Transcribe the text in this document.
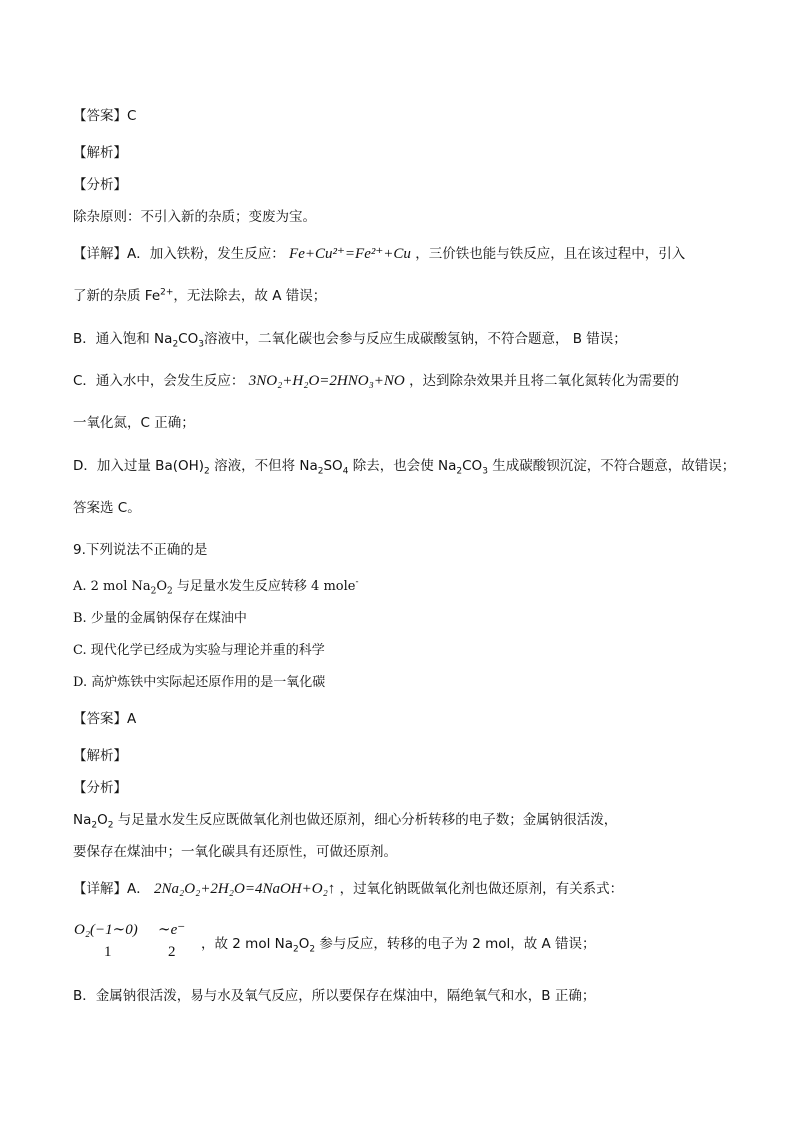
【答案】C
【解析】
【分析】
除杂原则：不引入新的杂质；变废为宝。
【详解】A．加入铁粉，发生反应： Fe+Cu²⁺=Fe²⁺+Cu ，三价铁也能与铁反应，且在该过程中，引入
了新的杂质 $Fe^{2+}$，无法除去，故 A 错误；
B．通入饱和 $Na_2CO_3$溶液中，二氧化碳也会参与反应生成碳酸氢钠，不符合题意， B 错误；
C．通入水中，会发生反应： 3NO₂+H₂O=2HNO₃+NO ，达到除杂效果并且将二氧化氮转化为需要的
一氧化氮，C 正确；
D．加入过量 $Ba(OH)_2$ 溶液，不但将 $Na_2SO_4$ 除去，也会使 $Na_2CO_3$ 生成碳酸钡沉淀，不符合题意，故错误；
答案选 C。
9.下列说法不正确的是
A. 2 mol $Na_2O_2$ 与足量水发生反应转移 4 mole-
B. 少量的金属钠保存在煤油中
C. 现代化学已经成为实验与理论并重的科学
D. 高炉炼铁中实际起还原作用的是一氧化碳
【答案】A
【解析】
【分析】
$Na_2O_2$ 与足量水发生反应既做氧化剂也做还原剂，细心分析转移的电子数；金属钠很活泼，
要保存在煤油中；一氧化碳具有还原性，可做还原剂。
【详解】A． 2Na₂O₂+2H₂O=4NaOH+O₂↑ ，过氧化钠既做氧化剂也做还原剂，有关系式：
O₂(−1∼0) ∼e⁻
，故 2 mol $Na_2O_2$ 参与反应，转移的电子为 2 mol，故 A 错误；
1	2
B．金属钠很活泼，易与水及氧气反应，所以要保存在煤油中，隔绝氧气和水，B 正确；
